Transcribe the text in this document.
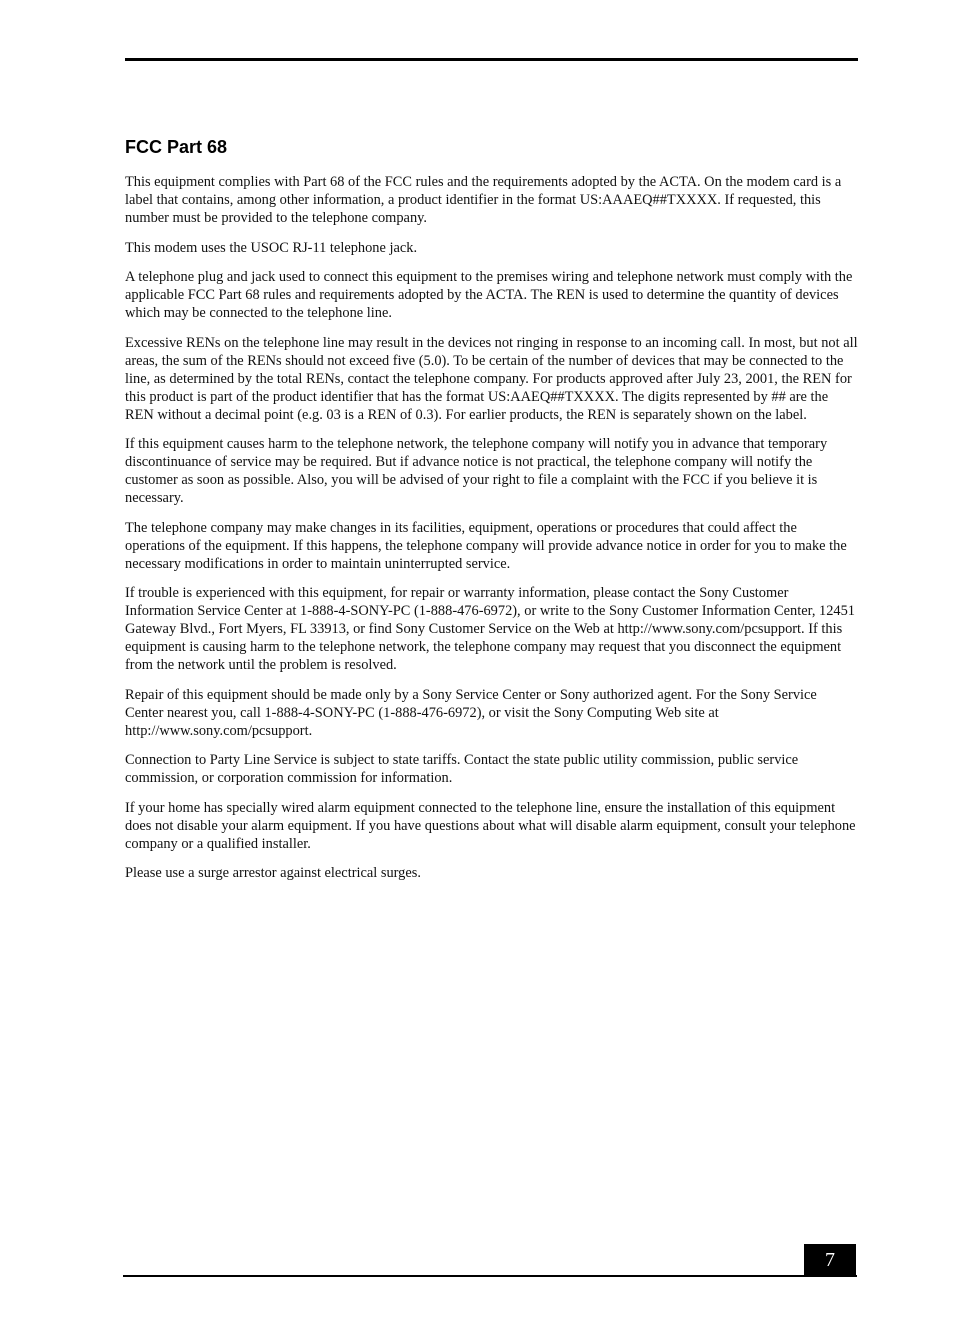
FCC Part 68

This equipment complies with Part 68 of the FCC rules and the requirements adopted by the ACTA. On the modem card is a label that contains, among other information, a product identifier in the format US:AAAEQ##TXXXX. If requested, this number must be provided to the telephone company.

This modem uses the USOC RJ-11 telephone jack.

A telephone plug and jack used to connect this equipment to the premises wiring and telephone network must comply with the applicable FCC Part 68 rules and requirements adopted by the ACTA. The REN is used to determine the quantity of devices which may be connected to the telephone line.

Excessive RENs on the telephone line may result in the devices not ringing in response to an incoming call. In most, but not all areas, the sum of the RENs should not exceed five (5.0). To be certain of the number of devices that may be connected to the line, as determined by the total RENs, contact the telephone company. For products approved after July 23, 2001, the REN for this product is part of the product identifier that has the format US:AAEQ##TXXXX. The digits represented by ## are the REN without a decimal point (e.g. 03 is a REN of 0.3). For earlier products, the REN is separately shown on the label.

If this equipment causes harm to the telephone network, the telephone company will notify you in advance that temporary discontinuance of service may be required. But if advance notice is not practical, the telephone company will notify the customer as soon as possible. Also, you will be advised of your right to file a complaint with the FCC if you believe it is necessary.

The telephone company may make changes in its facilities, equipment, operations or procedures that could affect the operations of the equipment. If this happens, the telephone company will provide advance notice in order for you to make the necessary modifications in order to maintain uninterrupted service.

If trouble is experienced with this equipment, for repair or warranty information, please contact the Sony Customer Information Service Center at 1-888-4-SONY-PC (1-888-476-6972), or write to the Sony Customer Information Center, 12451 Gateway Blvd., Fort Myers, FL 33913, or find Sony Customer Service on the Web at http://www.sony.com/pcsupport. If this equipment is causing harm to the telephone network, the telephone company may request that you disconnect the equipment from the network until the problem is resolved.

Repair of this equipment should be made only by a Sony Service Center or Sony authorized agent. For the Sony Service Center nearest you, call 1-888-4-SONY-PC (1-888-476-6972), or visit the Sony Computing Web site at http://www.sony.com/pcsupport.

Connection to Party Line Service is subject to state tariffs. Contact the state public utility commission, public service commission, or corporation commission for information.

If your home has specially wired alarm equipment connected to the telephone line, ensure the installation of this equipment does not disable your alarm equipment. If you have questions about what will disable alarm equipment, consult your telephone company or a qualified installer.

Please use a surge arrestor against electrical surges.

7
